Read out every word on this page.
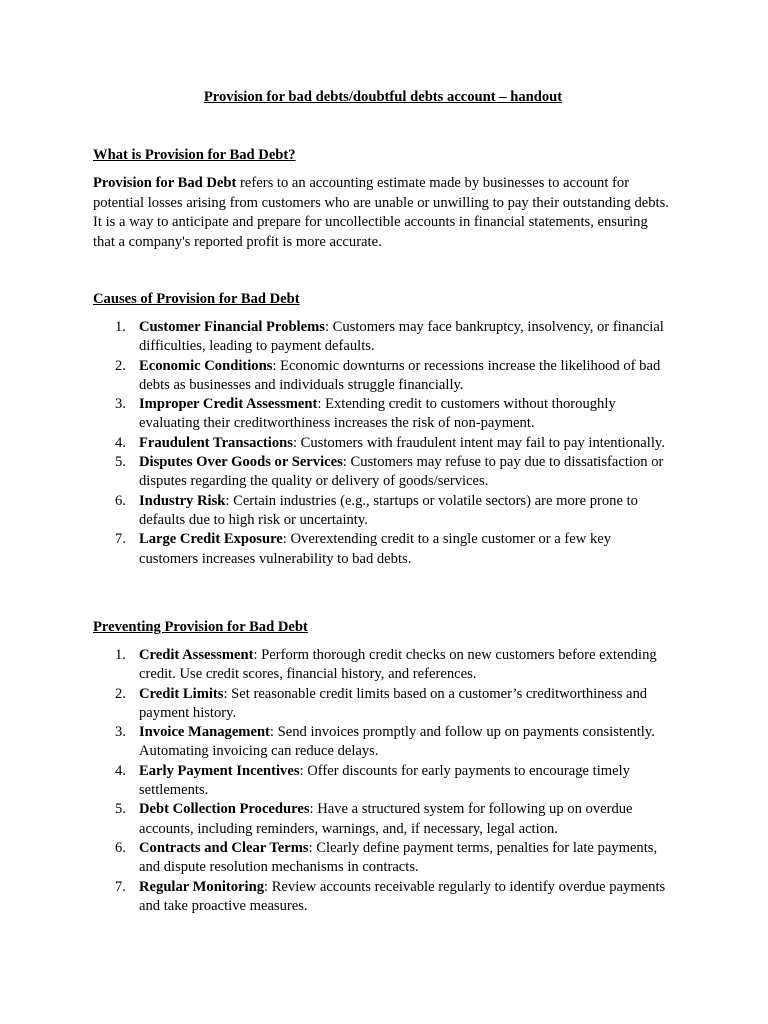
Provision for bad debts/doubtful debts account – handout
What is Provision for Bad Debt?

Provision for Bad Debt refers to an accounting estimate made by businesses to account for potential losses arising from customers who are unable or unwilling to pay their outstanding debts. It is a way to anticipate and prepare for uncollectible accounts in financial statements, ensuring that a company's reported profit is more accurate.

Causes of Provision for Bad Debt
1. Customer Financial Problems: Customers may face bankruptcy, insolvency, or financial difficulties, leading to payment defaults.
2. Economic Conditions: Economic downturns or recessions increase the likelihood of bad debts as businesses and individuals struggle financially.
3. Improper Credit Assessment: Extending credit to customers without thoroughly evaluating their creditworthiness increases the risk of non-payment.
4. Fraudulent Transactions: Customers with fraudulent intent may fail to pay intentionally.
5. Disputes Over Goods or Services: Customers may refuse to pay due to dissatisfaction or disputes regarding the quality or delivery of goods/services.
6. Industry Risk: Certain industries (e.g., startups or volatile sectors) are more prone to defaults due to high risk or uncertainty.
7. Large Credit Exposure: Overextending credit to a single customer or a few key customers increases vulnerability to bad debts.
Preventing Provision for Bad Debt
1. Credit Assessment: Perform thorough credit checks on new customers before extending credit. Use credit scores, financial history, and references.
2. Credit Limits: Set reasonable credit limits based on a customer’s creditworthiness and payment history.
3. Invoice Management: Send invoices promptly and follow up on payments consistently. Automating invoicing can reduce delays.
4. Early Payment Incentives: Offer discounts for early payments to encourage timely settlements.
5. Debt Collection Procedures: Have a structured system for following up on overdue accounts, including reminders, warnings, and, if necessary, legal action.
6. Contracts and Clear Terms: Clearly define payment terms, penalties for late payments, and dispute resolution mechanisms in contracts.
7. Regular Monitoring: Review accounts receivable regularly to identify overdue payments and take proactive measures.
